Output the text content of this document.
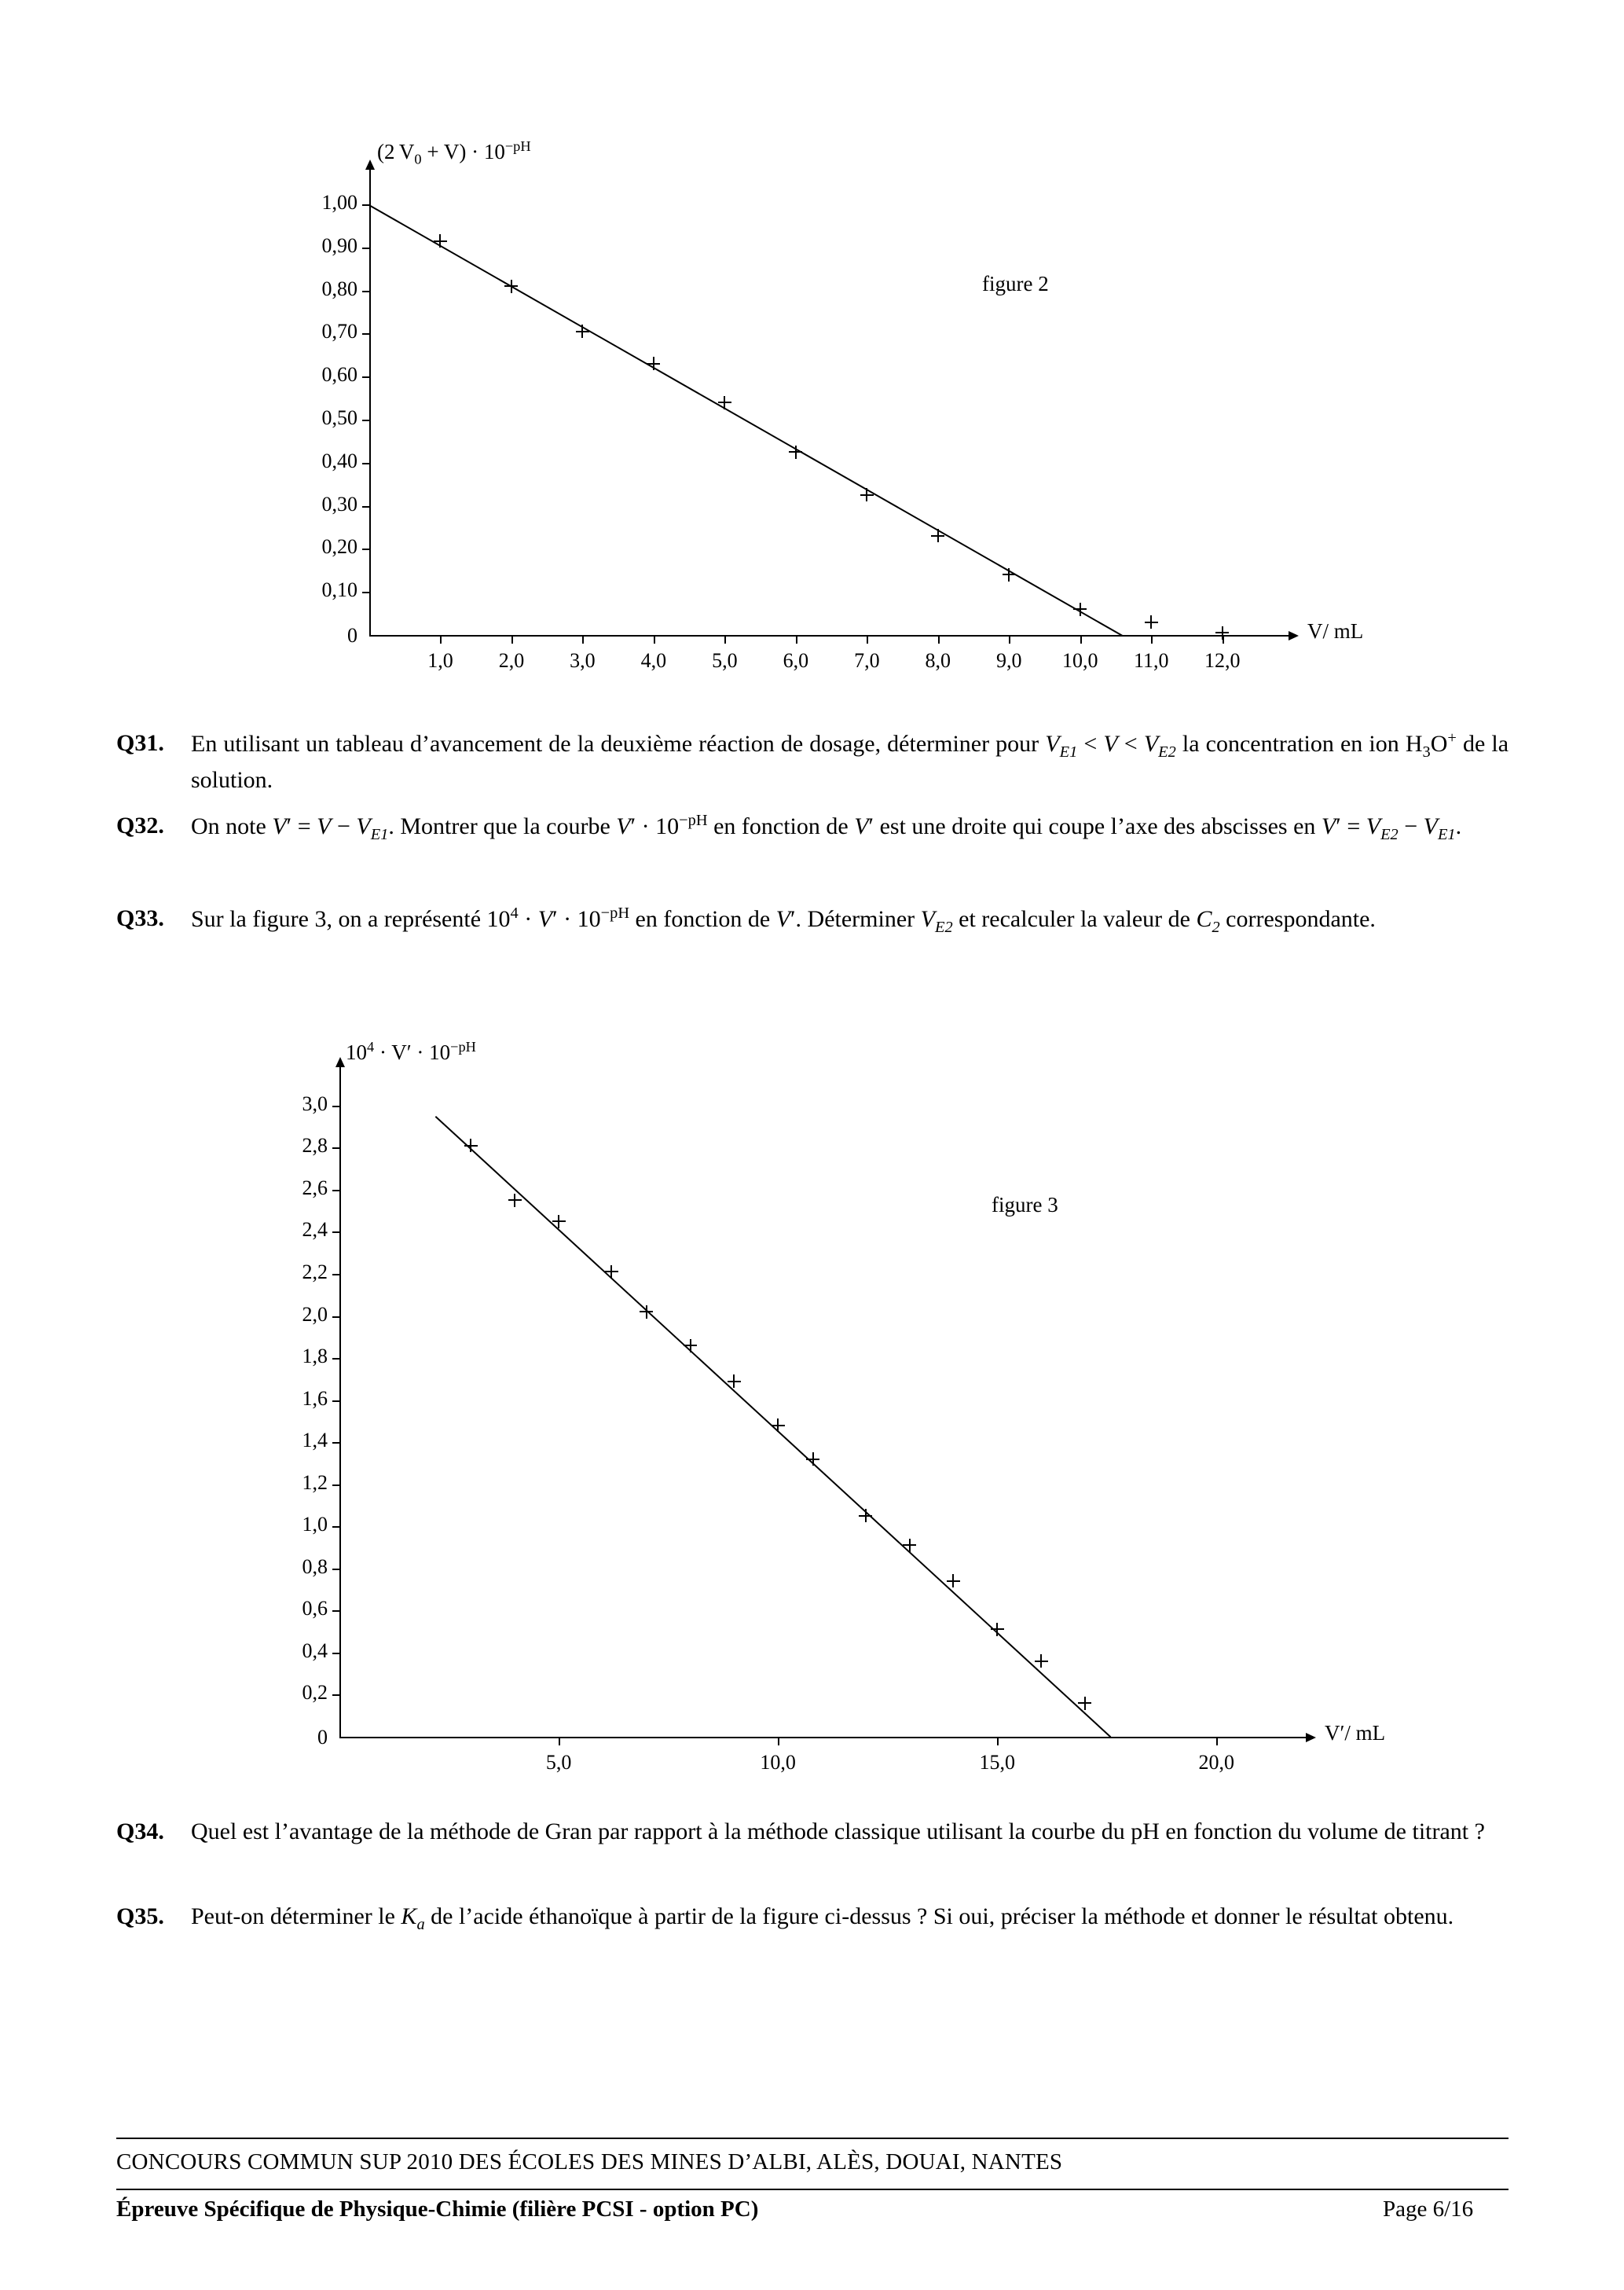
0,10
0,20
0,30
0,40
0,50
0,60
0,70
0,80
0,90
1,00
0
1,0	2,0	3,0	4,0	5,0	6,0	7,0	8,0	9,0	10,0	11,0	12,0
(2 $V_0 + V) \cdot 10^{-pH}$
V/ mL
figure 2
0,2
0,4
0,6
0,8
1,0
1,2
1,4
1,6
1,8
2,0
2,2
2,4
2,6
2,8
3,0
0
5,0	10,0	15,0	20,0
$10^4 \cdot V' \cdot 10^{-pH}$
V′/ mL
figure 3
Q31. En utilisant un tableau d’avancement de la deuxième réaction de dosage, déterminer pour $V_{E1} < V < V_{E2}$ la concentration en ion $H_3O^+$ de la solution.
Q32. On note $V' = V - V_{E1}$. Montrer que la courbe $V' \cdot 10^{-pH}$ en fonction de V′ est une droite qui coupe l’axe des abscisses en $V' = V_{E2} - V_{E1}$.
Q33. Sur la figure 3, on a représenté $10^4 \cdot V' \cdot 10^{-pH}$ en fonction de V′. Déterminer $V_{E2}$ et recalculer la valeur de $C_2$ correspondante.
Q34. Quel est l’avantage de la méthode de Gran par rapport à la méthode classique utilisant la courbe du pH en fonction du volume de titrant ?
Q35. Peut-on déterminer le $K_a$ de l’acide éthanoïque à partir de la figure ci-dessus ? Si oui, préciser la méthode et donner le résultat obtenu.
CONCOURS COMMUN SUP 2010 DES ÉCOLES DES MINES D’ALBI, ALÈS, DOUAI, NANTES
Épreuve Spécifique de Physique-Chimie (filière PCSI - option PC)	Page 6/16
